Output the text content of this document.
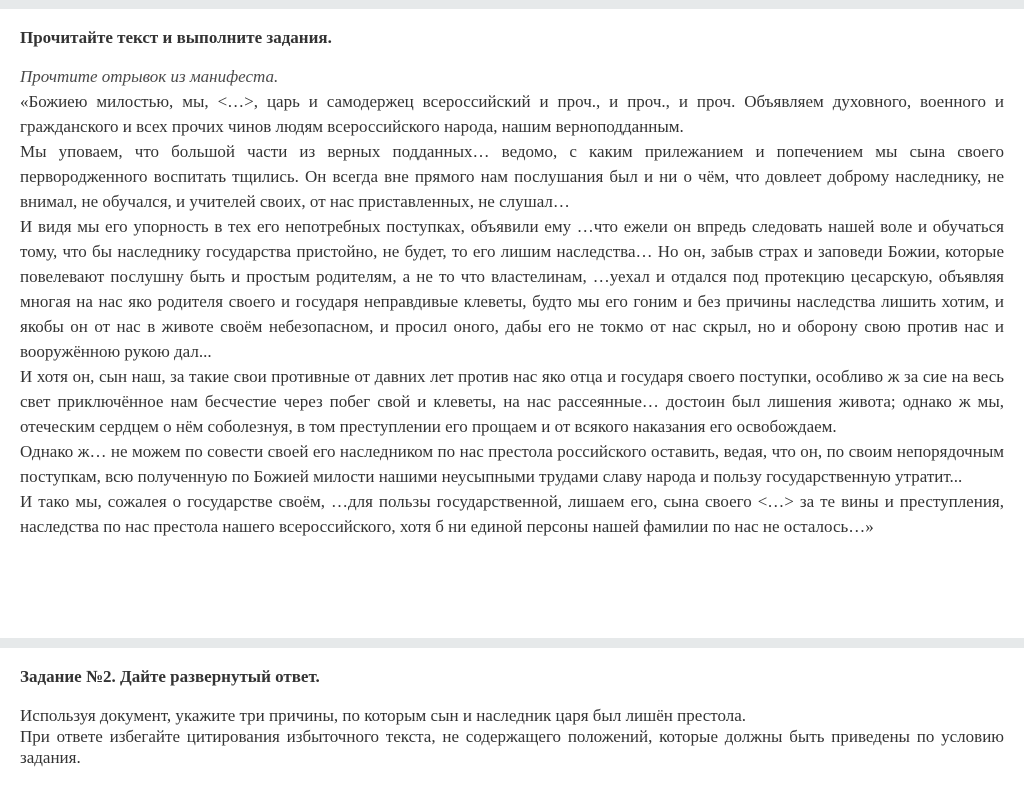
Прочитайте текст и выполните задания.

Прочтите отрывок из манифеста.

«Божиею милостью, мы, <…>, царь и самодержец всероссийский и проч., и проч., и проч. Объявляем духовного, военного и гражданского и всех прочих чинов людям всероссийского народа, нашим верноподданным.

Мы уповаем, что большой части из верных подданных… ведомо, с каким прилежанием и попечением мы сына своего первородженного воспитать тщились. Он всегда вне прямого нам послушания был и ни о чём, что довлеет доброму наследнику, не внимал, не обучался, и учителей своих, от нас приставленных, не слушал…

И видя мы его упорность в тех его непотребных поступках, объявили ему …что ежели он впредь следовать нашей воле и обучаться тому, что бы наследнику государства пристойно, не будет, то его лишим наследства… Но он, забыв страх и заповеди Божии, которые повелевают послушну быть и простым родителям, а не то что властелинам, …уехал и отдался под протекцию цесарскую, объявляя многая на нас яко родителя своего и государя неправдивые клеветы, будто мы его гоним и без причины наследства лишить хотим, и якобы он от нас в животе своём небезопасном, и просил оного, дабы его не токмо от нас скрыл, но и оборону свою против нас и вооружённою рукою дал...

И хотя он, сын наш, за такие свои противные от давних лет против нас яко отца и государя своего поступки, особливо ж за сие на весь свет приключённое нам бесчестие через побег свой и клеветы, на нас рассеянные… достоин был лишения живота; однако ж мы, отеческим сердцем о нём соболезнуя, в том преступлении его прощаем и от всякого наказания его освобождаем.

Однако ж… не можем по совести своей его наследником по нас престола российского оставить, ведая, что он, по своим непорядочным поступкам, всю полученную по Божией милости нашими неусыпными трудами славу народа и пользу государственную утратит...

И тако мы, сожалея о государстве своём, …для пользы государственной, лишаем его, сына своего <…> за те вины и преступления, наследства по нас престола нашего всероссийского, хотя б ни единой персоны нашей фамилии по нас не осталось…»

Задание №2. Дайте развернутый ответ.

Используя документ, укажите три причины, по которым сын и наследник царя был лишён престола.

При ответе избегайте цитирования избыточного текста, не содержащего положений, которые должны быть приведены по условию задания.
